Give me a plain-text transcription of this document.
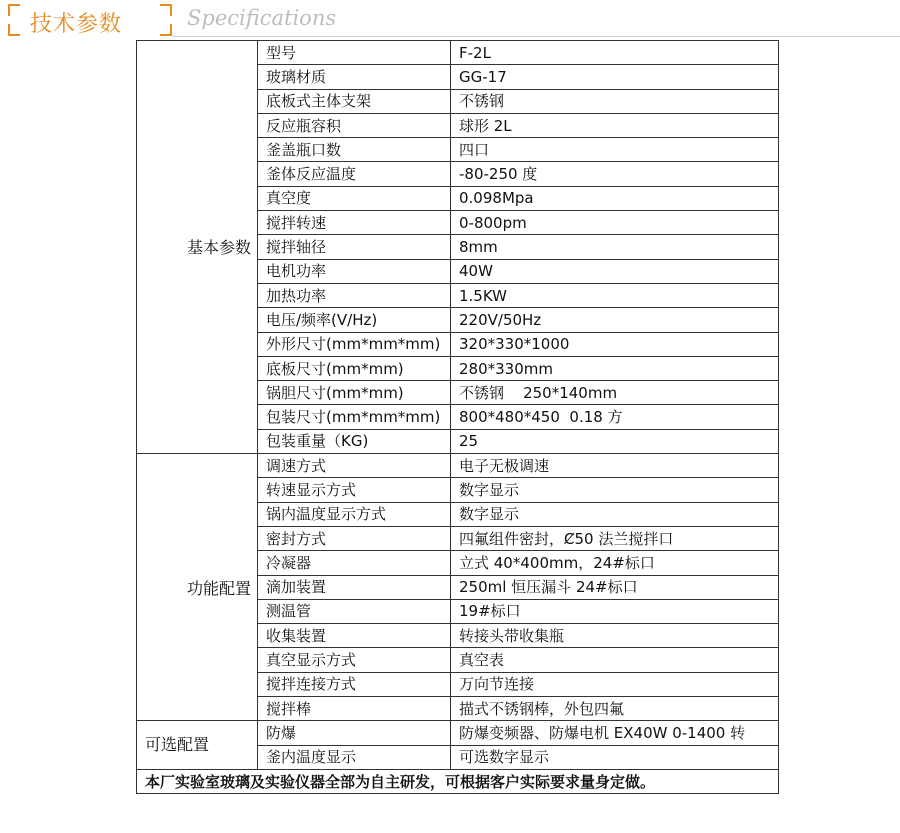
技术参数	Specifications
基本参数	型号	F-2L
	玻璃材质	GG-17
	底板式主体支架	不锈钢
	反应瓶容积	球形 2L
	釜盖瓶口数	四口
	釜体反应温度	-80-250 度
	真空度	0.098Mpa
	搅拌转速	0-800pm
	搅拌轴径	8mm
	电机功率	40W
	加热功率	1.5KW
	电压/频率(V/Hz)	220V/50Hz
	外形尺寸(mm*mm*mm)	320*330*1000
	底板尺寸(mm*mm)	280*330mm
	锅胆尺寸(mm*mm)	不锈钢    250*140mm
	包装尺寸(mm*mm*mm)	800*480*450  0.18 方
	包装重量（KG)	25

功能配置	调速方式	电子无极调速
	转速显示方式	数字显示
	锅内温度显示方式	数字显示
	密封方式	四氟组件密封，Ȼ50 法兰搅拌口
	冷凝器	立式 40*400mm，24#标口
	滴加装置	250ml 恒压漏斗 24#标口
	测温管	19#标口
	收集装置	转接头带收集瓶
	真空显示方式	真空表
	搅拌连接方式	万向节连接
	搅拌棒	描式不锈钢棒，外包四氟
可选配置	防爆	防爆变频器、防爆电机 EX40W 0-1400 转
	釜内温度显示	可选数字显示
本厂实验室玻璃及实验仪器全部为自主研发，可根据客户实际要求量身定做。		
